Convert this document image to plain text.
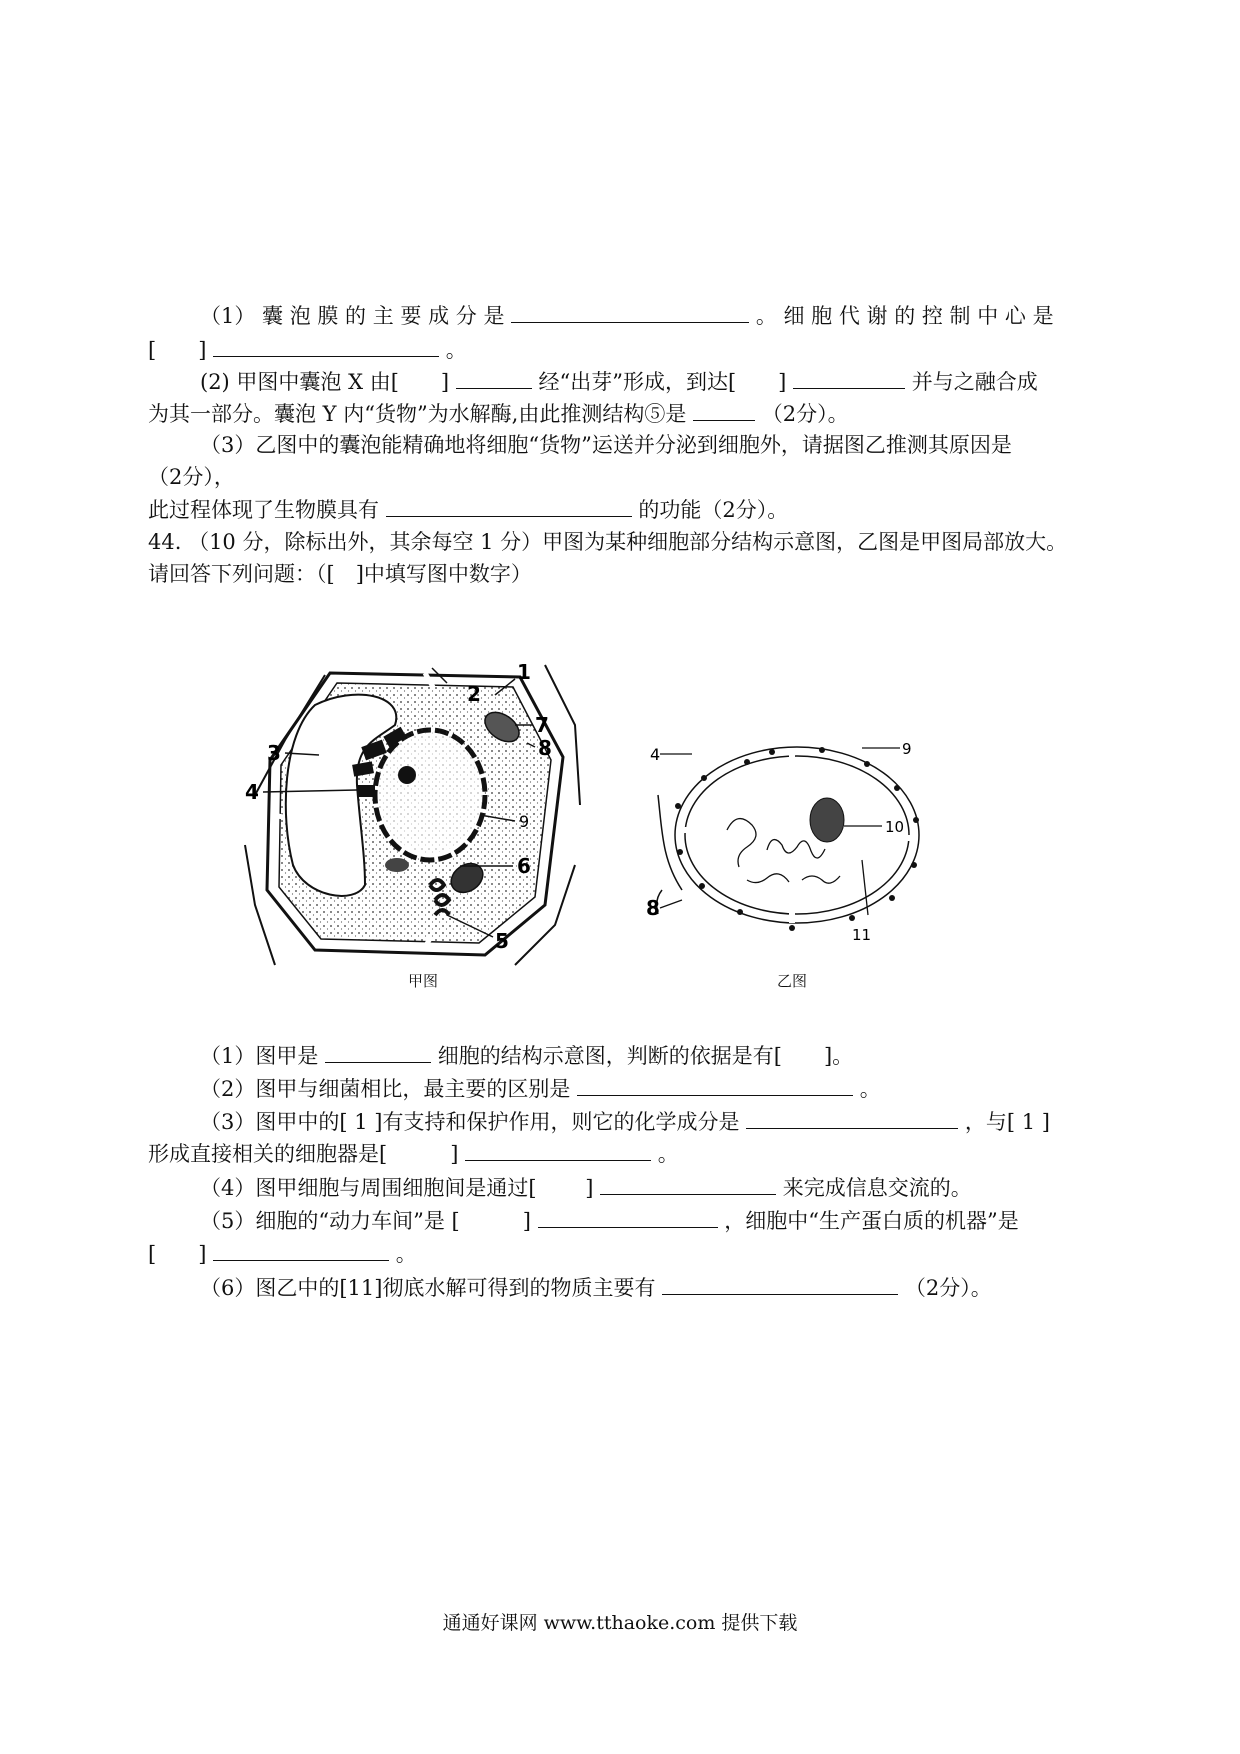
（1） 囊 泡 膜 的 主 要 成 分 是	。 细 胞 代 谢 的 控 制 中 心 是
[　　]	。
(2) 甲图中囊泡 X 由[　　]	经“出芽”形成，到达[　　]	并与之融合成
为其一部分。囊泡 Y 内“货物”为水解酶,由此推测结构⑤是	（2分）。
（3）乙图中的囊泡能精确地将细胞“货物”运送并分泌到细胞外，请据图乙推测其原因是
（2分），
此过程体现了生物膜具有	的功能（2分）。
44. （10 分，除标出外，其余每空 1 分）甲图为某种细胞部分结构示意图，乙图是甲图局部放大。
请回答下列问题：（[　]中填写图中数字）
1
2
3
4
5
6
7
8
9
甲图
4
8
9
10
11
乙图
（1）图甲是	细胞的结构示意图，判断的依据是有[　　]。
（2）图甲与细菌相比，最主要的区别是	。
（3）图甲中的[ 1 ]有支持和保护作用，则它的化学成分是	，与[ 1 ]
形成直接相关的细胞器是[　　　]	。
（4）图甲细胞与周围细胞间是通过[　　 ]	来完成信息交流的。
（5）细胞的“动力车间”是 [　　　]	，细胞中“生产蛋白质的机器”是
[　　]	。
（6）图乙中的[11]彻底水解可得到的物质主要有	（2分）。
通通好课网 www.tthaoke.com 提供下载
